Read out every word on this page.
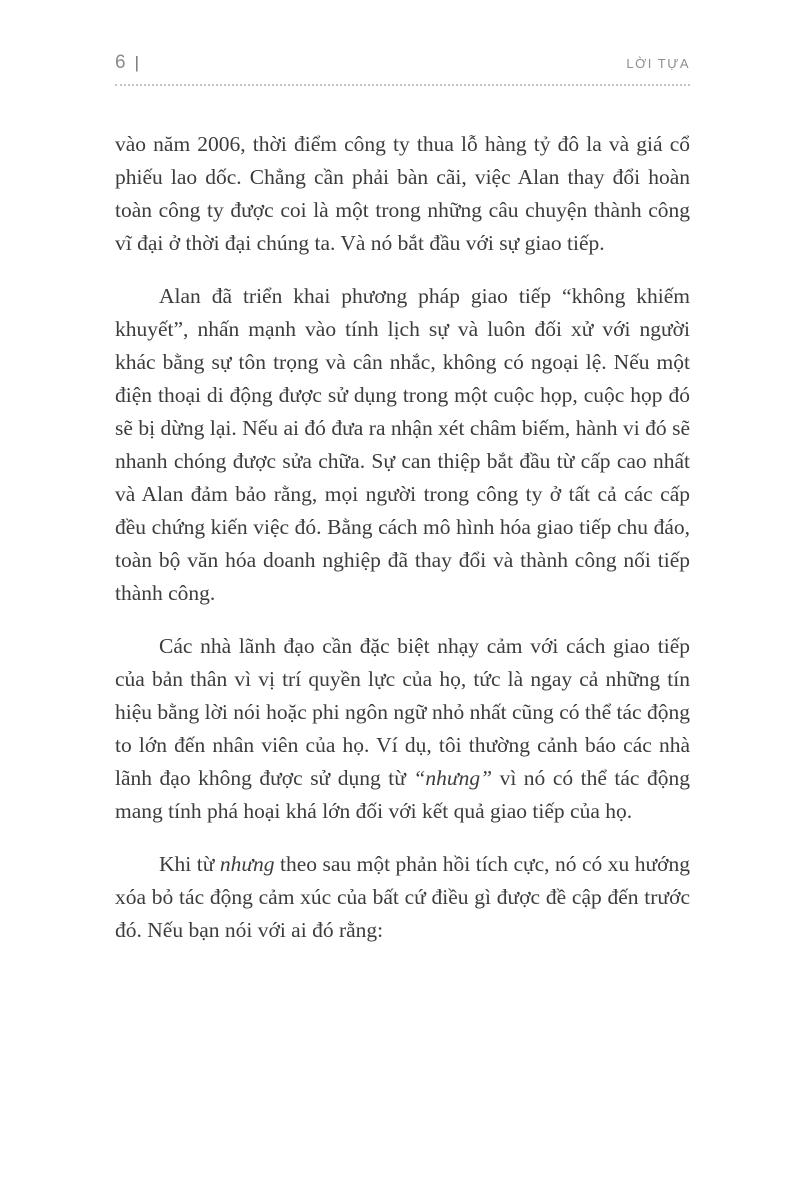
6 |	LỜI TỰA

vào năm 2006, thời điểm công ty thua lỗ hàng tỷ đô la và giá cổ phiếu lao dốc. Chẳng cần phải bàn cãi, việc Alan thay đổi hoàn toàn công ty được coi là một trong những câu chuyện thành công vĩ đại ở thời đại chúng ta. Và nó bắt đầu với sự giao tiếp.

Alan đã triển khai phương pháp giao tiếp “không khiếm khuyết”, nhấn mạnh vào tính lịch sự và luôn đối xử với người khác bằng sự tôn trọng và cân nhắc, không có ngoại lệ. Nếu một điện thoại di động được sử dụng trong một cuộc họp, cuộc họp đó sẽ bị dừng lại. Nếu ai đó đưa ra nhận xét châm biếm, hành vi đó sẽ nhanh chóng được sửa chữa. Sự can thiệp bắt đầu từ cấp cao nhất và Alan đảm bảo rằng, mọi người trong công ty ở tất cả các cấp đều chứng kiến việc đó. Bằng cách mô hình hóa giao tiếp chu đáo, toàn bộ văn hóa doanh nghiệp đã thay đổi và thành công nối tiếp thành công.

Các nhà lãnh đạo cần đặc biệt nhạy cảm với cách giao tiếp của bản thân vì vị trí quyền lực của họ, tức là ngay cả những tín hiệu bằng lời nói hoặc phi ngôn ngữ nhỏ nhất cũng có thể tác động to lớn đến nhân viên của họ. Ví dụ, tôi thường cảnh báo các nhà lãnh đạo không được sử dụng từ “nhưng” vì nó có thể tác động mang tính phá hoại khá lớn đối với kết quả giao tiếp của họ.

Khi từ nhưng theo sau một phản hồi tích cực, nó có xu hướng xóa bỏ tác động cảm xúc của bất cứ điều gì được đề cập đến trước đó. Nếu bạn nói với ai đó rằng:
